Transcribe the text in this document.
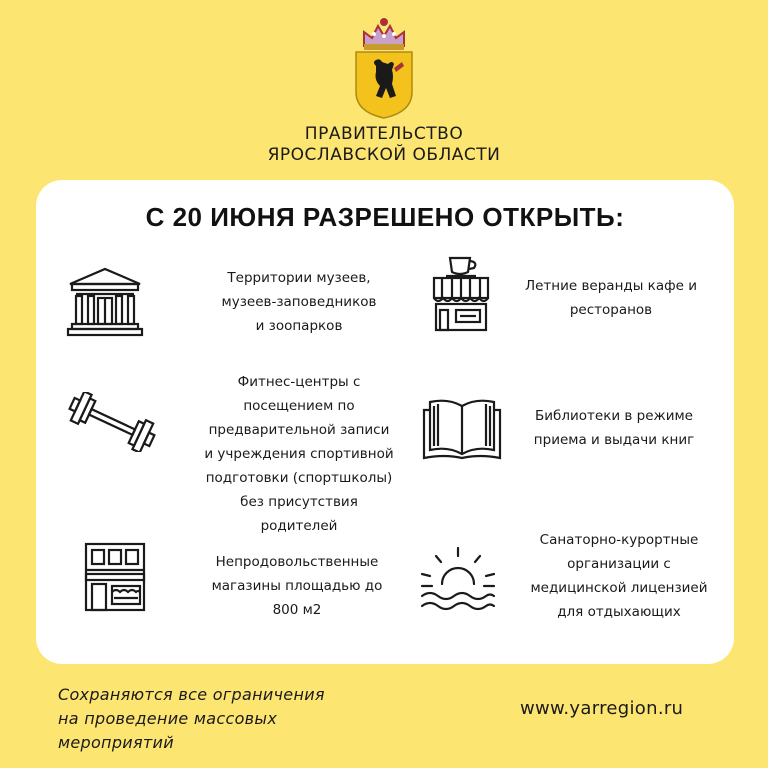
ПРАВИТЕЛЬСТВО
ЯРОСЛАВСКОЙ ОБЛАСТИ
С 20 ИЮНЯ РАЗРЕШЕНО ОТКРЫТЬ:
Территории музеев,
музеев-заповедников
и зоопарков
Летние веранды кафе и
ресторанов
Фитнес-центры с
посещением по
предварительной записи
и учреждения спортивной
подготовки (спортшколы)
без присутствия
родителей
Библиотеки в режиме
приема и выдачи книг
Непродовольственные
магазины площадью до
800 м2
Санаторно-курортные
организации с
медицинской лицензией
для отдыхающих
Сохраняются все ограничения
на проведение массовых
мероприятий
www.yarregion.ru
